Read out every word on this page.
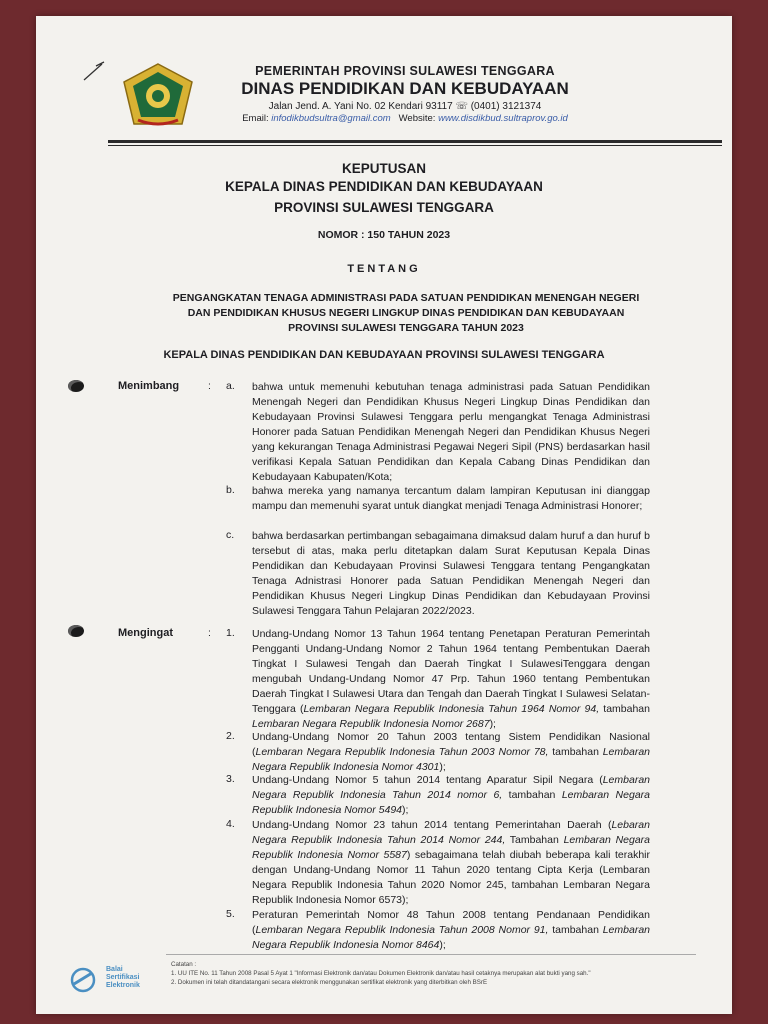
PEMERINTAH PROVINSI SULAWESI TENGGARA
DINAS PENDIDIKAN DAN KEBUDAYAAN
Jalan Jend. A. Yani No. 02 Kendari 93117 ☏ (0401) 3121374
Email: infodikbudsultra@gmail.com Website: www.disdikbud.sultraprov.go.id
KEPUTUSAN
KEPALA DINAS PENDIDIKAN DAN KEBUDAYAAN
PROVINSI SULAWESI TENGGARA
NOMOR : 150 TAHUN 2023
TENTANG
PENGANGKATAN TENAGA ADMINISTRASI PADA SATUAN PENDIDIKAN MENENGAH NEGERI
DAN PENDIDIKAN KHUSUS NEGERI LINGKUP DINAS PENDIDIKAN DAN KEBUDAYAAN
PROVINSI SULAWESI TENGGARA TAHUN 2023
KEPALA DINAS PENDIDIKAN DAN KEBUDAYAAN PROVINSI SULAWESI TENGGARA
Menimbang	: a. bahwa untuk memenuhi kebutuhan tenaga administrasi pada Satuan Pendidikan Menengah Negeri dan Pendidikan Khusus Negeri Lingkup Dinas Pendidikan dan Kebudayaan Provinsi Sulawesi Tenggara perlu mengangkat Tenaga Administrasi Honorer pada Satuan Pendidikan Menengah Negeri dan Pendidikan Khusus Negeri yang kekurangan Tenaga Administrasi Pegawai Negeri Sipil (PNS) berdasarkan hasil verifikasi Kepala Satuan Pendidikan dan Kepala Cabang Dinas Pendidikan dan Kebudayaan Kabupaten/Kota;
b. bahwa mereka yang namanya tercantum dalam lampiran Keputusan ini dianggap mampu dan memenuhi syarat untuk diangkat menjadi Tenaga Administrasi Honorer;
c. bahwa berdasarkan pertimbangan sebagaimana dimaksud dalam huruf a dan huruf b tersebut di atas, maka perlu ditetapkan dalam Surat Keputusan Kepala Dinas Pendidikan dan Kebudayaan Provinsi Sulawesi Tenggara tentang Pengangkatan Tenaga Adnistrasi Honorer pada Satuan Pendidikan Menengah Negeri dan Pendidikan Khusus Negeri Lingkup Dinas Pendidikan dan Kebudayaan Provinsi Sulawesi Tenggara Tahun Pelajaran 2022/2023.
Mengingat	: 1. Undang-Undang Nomor 13 Tahun 1964 tentang Penetapan Peraturan Pemerintah Pengganti Undang-Undang Nomor 2 Tahun 1964 tentang Pembentukan Daerah Tingkat I Sulawesi Tengah dan Daerah Tingkat I SulawesiTenggara dengan mengubah Undang-Undang Nomor 47 Prp. Tahun 1960 tentang Pembentukan Daerah Tingkat I Sulawesi Utara dan Tengah dan Daerah Tingkat I Sulawesi Selatan-Tenggara (Lembaran Negara Republik Indonesia Tahun 1964 Nomor 94, tambahan Lembaran Negara Republik Indonesia Nomor 2687);
2. Undang-Undang Nomor 20 Tahun 2003 tentang Sistem Pendidikan Nasional (Lembaran Negara Republik Indonesia Tahun 2003 Nomor 78, tambahan Lembaran Negara Republik Indonesia Nomor 4301);
3. Undang-Undang Nomor 5 tahun 2014 tentang Aparatur Sipil Negara (Lembaran Negara Republik Indonesia Tahun 2014 nomor 6, tambahan Lembaran Negara Republik Indonesia Nomor 5494);
4. Undang-Undang Nomor 23 tahun 2014 tentang Pemerintahan Daerah (Lebaran Negara Republik Indonesia Tahun 2014 Nomor 244, Tambahan Lembaran Negara Republik Indonesia Nomor 5587) sebagaimana telah diubah beberapa kali terakhir dengan Undang-Undang Nomor 11 Tahun 2020 tentang Cipta Kerja (Lembaran Negara Republik Indonesia Tahun 2020 Nomor 245, tambahan Lembaran Negara Republik Indonesia Nomor 6573);
5. Peraturan Pemerintah Nomor 48 Tahun 2008 tentang Pendanaan Pendidikan (Lembaran Negara Republik Indonesia Tahun 2008 Nomor 91, tambahan Lembaran Negara Republik Indonesia Nomor 8464);
Balai
Sertifikasi
Elektronik
Catatan :
1. UU ITE No. 11 Tahun 2008 Pasal 5 Ayat 1 "Informasi Elektronik dan/atau Dokumen Elektronik dan/atau hasil cetaknya merupakan alat bukti yang sah."
2. Dokumen ini telah ditandatangani secara elektronik menggunakan sertifikat elektronik yang diterbitkan oleh BSrE
